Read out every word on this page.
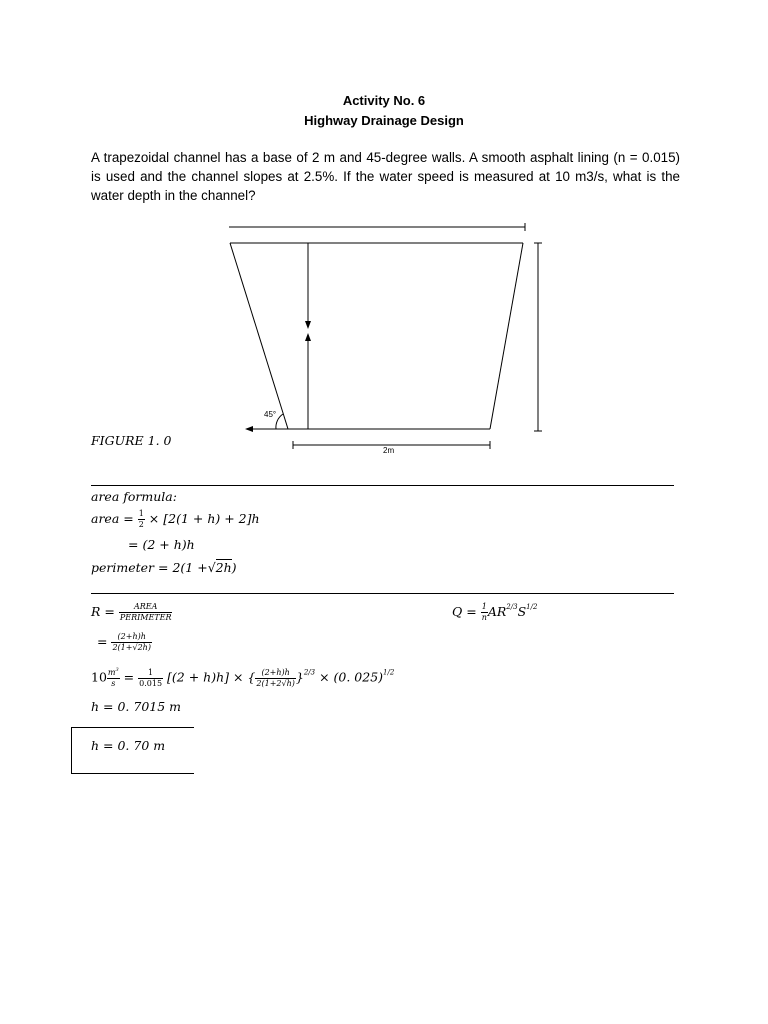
Activity No. 6
Highway Drainage Design
A trapezoidal channel has a base of 2 m and 45-degree walls. A smooth asphalt lining (n = 0.015) is used and the channel slopes at 2.5%. If the water speed is measured at 10 m3/s, what is the water depth in the channel?
45°
2m
FIGURE 1. 0
area formula:
area = $\frac{1}{2} \times [2(1 + h) + 2]h$
= (2 + h)h
perimeter = 2(1 +√2h)
$R = \frac{\text{AREA}}{\text{PERIMETER}}$	$Q = \frac{1}{n} AR^{2/3}S^{1/2}$
= $\frac{(2+h)h}{2(1+√2h)}$
$10 \frac{m^3}{s} = \frac{1}{0.015} [(2 + h)h]$ × { $\frac{(2+h)h}{2(1+2√h)} \}^{2/3} \times (0$. 025)$^{1/2}$
h = 0. 7015 m
h = 0. 70 m
